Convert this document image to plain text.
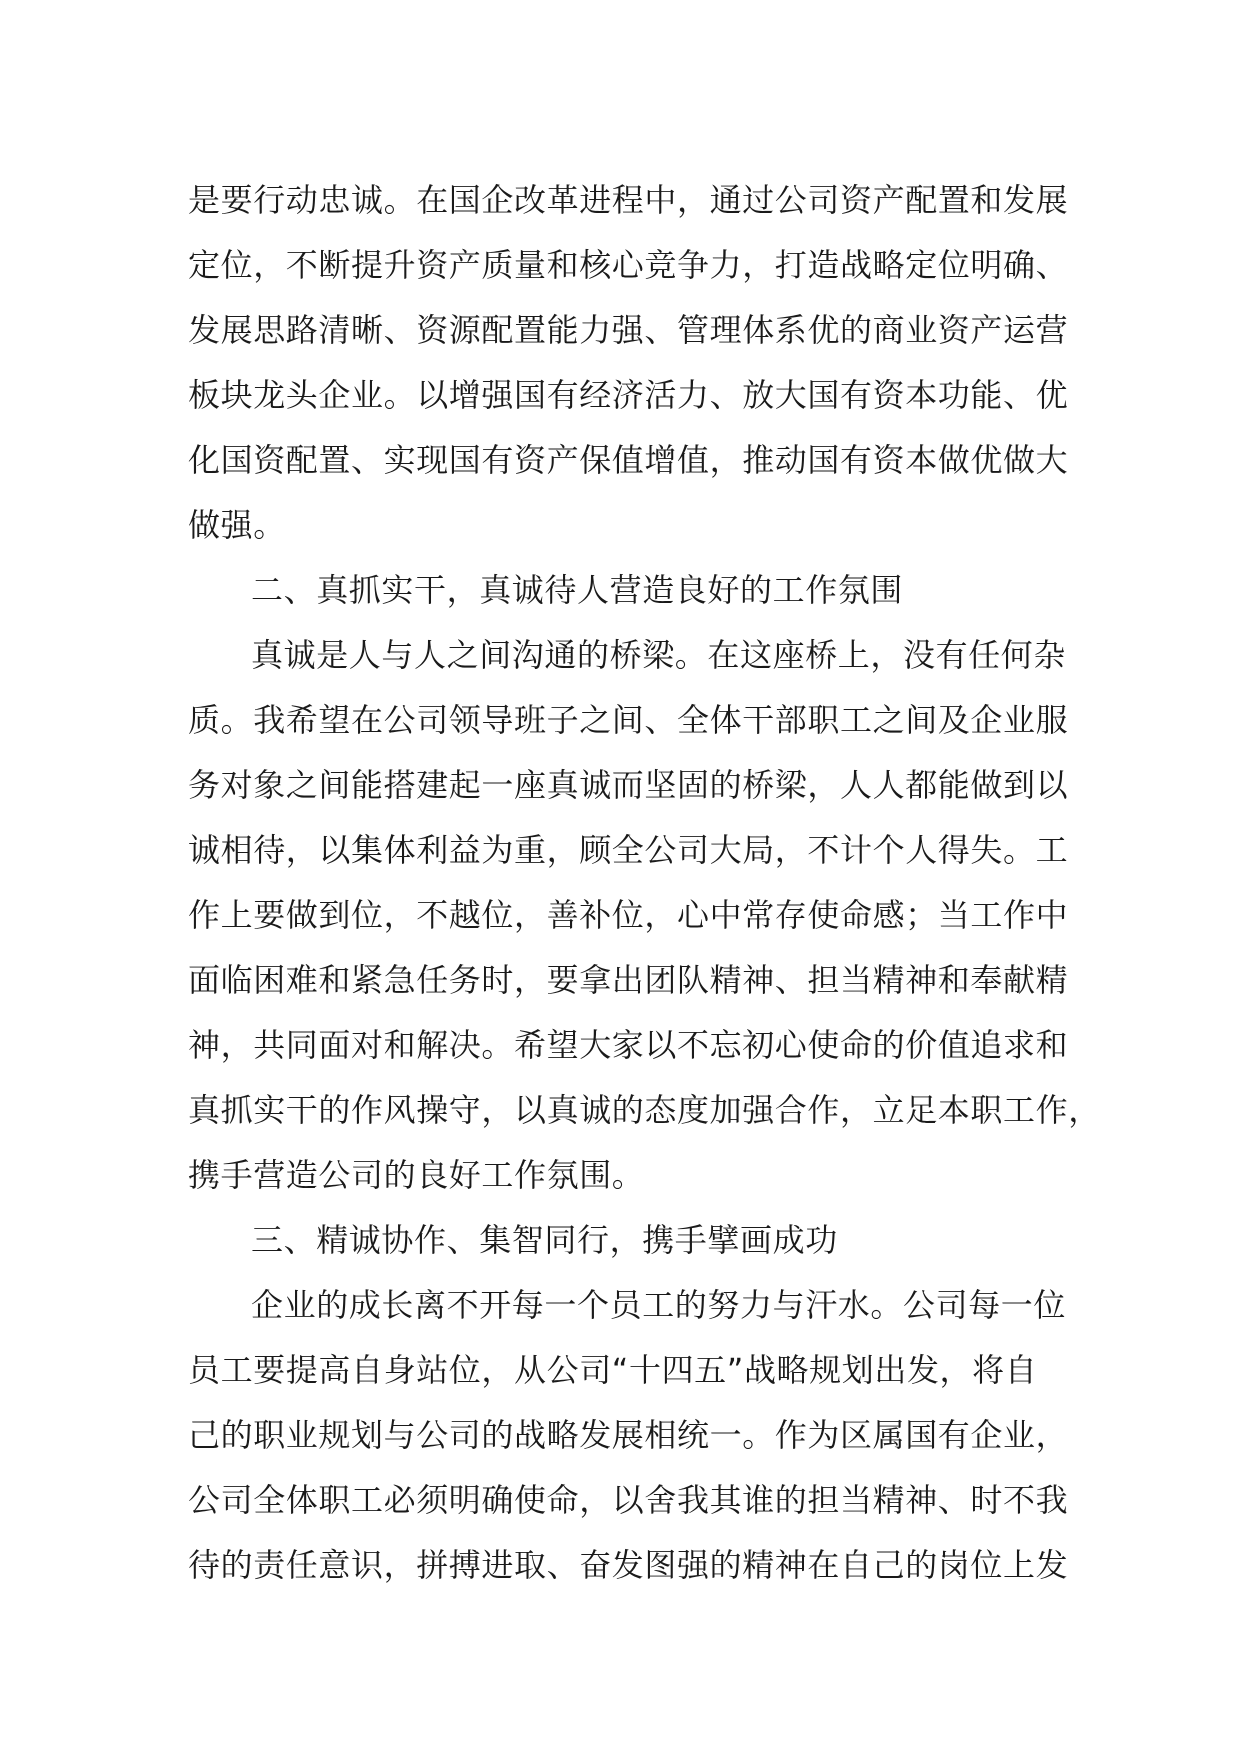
是要行动忠诚。在国企改革进程中，通过公司资产配置和发展
定位，不断提升资产质量和核心竞争力，打造战略定位明确、
发展思路清晰、资源配置能力强、管理体系优的商业资产运营
板块龙头企业。以增强国有经济活力、放大国有资本功能、优
化国资配置、实现国有资产保值增值，推动国有资本做优做大
做强。
二、真抓实干，真诚待人营造良好的工作氛围
真诚是人与人之间沟通的桥梁。在这座桥上，没有任何杂
质。我希望在公司领导班子之间、全体干部职工之间及企业服
务对象之间能搭建起一座真诚而坚固的桥梁，人人都能做到以
诚相待，以集体利益为重，顾全公司大局，不计个人得失。工
作上要做到位，不越位，善补位，心中常存使命感；当工作中
面临困难和紧急任务时，要拿出团队精神、担当精神和奉献精
神，共同面对和解决。希望大家以不忘初心使命的价值追求和
真抓实干的作风操守，以真诚的态度加强合作，立足本职工作，
携手营造公司的良好工作氛围。
三、精诚协作、集智同行，携手擘画成功
企业的成长离不开每一个员工的努力与汗水。公司每一位
员工要提高自身站位，从公司“十四五”战略规划出发，将自
己的职业规划与公司的战略发展相统一。作为区属国有企业，
公司全体职工必须明确使命，以舍我其谁的担当精神、时不我
待的责任意识，拼搏进取、奋发图强的精神在自己的岗位上发
